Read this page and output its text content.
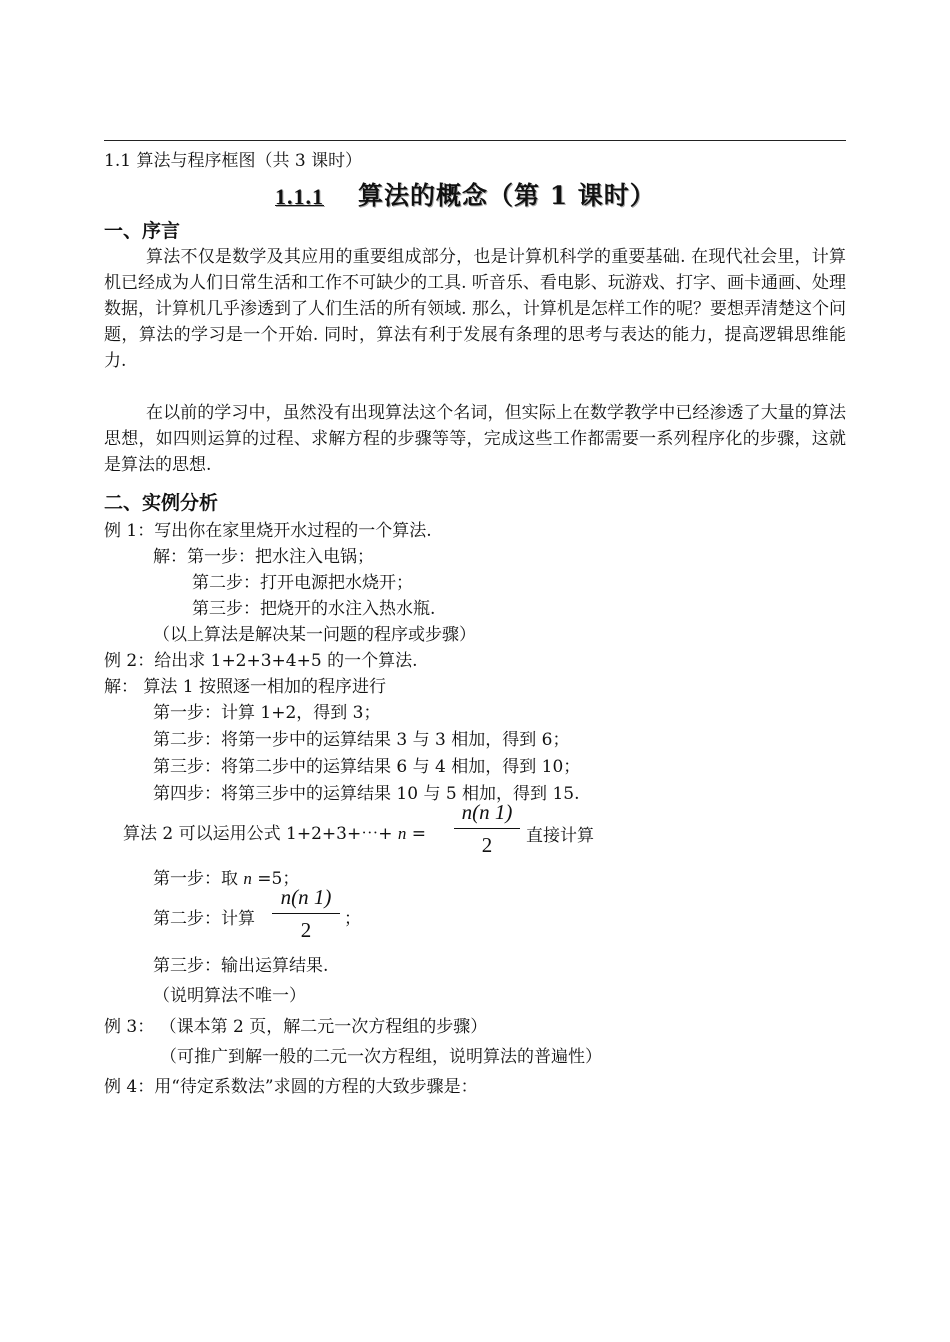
1.1 算法与程序框图（共 3 课时）
1.1.1 算法的概念（第 1 课时）
一、序言
算法不仅是数学及其应用的重要组成部分，也是计算机科学的重要基础. 在现代社会里，计算机已经成为人们日常生活和工作不可缺少的工具. 听音乐、看电影、玩游戏、打字、画卡通画、处理数据，计算机几乎渗透到了人们生活的所有领域. 那么，计算机是怎样工作的呢？要想弄清楚这个问题，算法的学习是一个开始. 同时，算法有利于发展有条理的思考与表达的能力，提高逻辑思维能力.
在以前的学习中，虽然没有出现算法这个名词，但实际上在数学教学中已经渗透了大量的算法思想，如四则运算的过程、求解方程的步骤等等，完成这些工作都需要一系列程序化的步骤，这就是算法的思想.
二、实例分析
例 1：写出你在家里烧开水过程的一个算法.
解：第一步：把水注入电锅；
第二步：打开电源把水烧开；
第三步：把烧开的水注入热水瓶.
（以上算法是解决某一问题的程序或步骤）
例 2：给出求 1+2+3+4+5 的一个算法.
解： 算法 1 按照逐一相加的程序进行
第一步：计算 1+2，得到 3；
第二步：将第一步中的运算结果 3 与 3 相加，得到 6；
第三步：将第二步中的运算结果 6 与 4 相加，得到 10；
第四步：将第三步中的运算结果 10 与 5 相加，得到 15.
算法 2 可以运用公式 1+2+3+⋯+ n =
n(n 1)
2	直接计算
第一步：取 n =5；
第二步：计算
n(n 1)
2	；
第三步：输出运算结果.
（说明算法不唯一）
例 3： （课本第 2 页，解二元一次方程组的步骤）
（可推广到解一般的二元一次方程组，说明算法的普遍性）
例 4：用“待定系数法”求圆的方程的大致步骤是：
